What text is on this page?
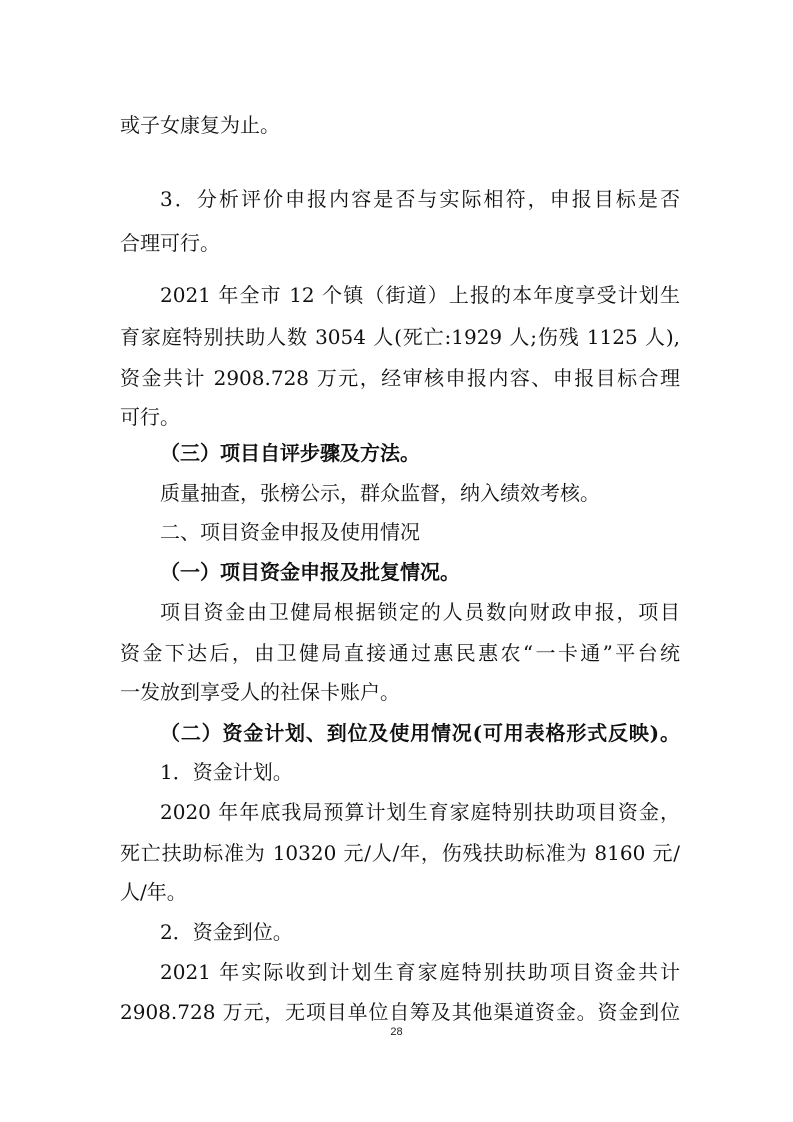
或子女康复为止。
3．分析评价申报内容是否与实际相符，申报目标是否
合理可行。
2021 年全市 12 个镇（街道）上报的本年度享受计划生
育家庭特别扶助人数 3054 人(死亡:1929 人;伤残 1125 人),
资金共计 2908.728 万元，经审核申报内容、申报目标合理
可行。
（三）项目自评步骤及方法。
质量抽查，张榜公示，群众监督，纳入绩效考核。
二、项目资金申报及使用情况
（一）项目资金申报及批复情况。
项目资金由卫健局根据锁定的人员数向财政申报，项目
资金下达后，由卫健局直接通过惠民惠农“一卡通”平台统
一发放到享受人的社保卡账户。
（二）资金计划、到位及使用情况(可用表格形式反映)。
1．资金计划。
2020 年年底我局预算计划生育家庭特别扶助项目资金，
死亡扶助标准为 10320 元/人/年，伤残扶助标准为 8160 元/
人/年。
2．资金到位。
2021 年实际收到计划生育家庭特别扶助项目资金共计
2908.728 万元，无项目单位自筹及其他渠道资金。资金到位
28
